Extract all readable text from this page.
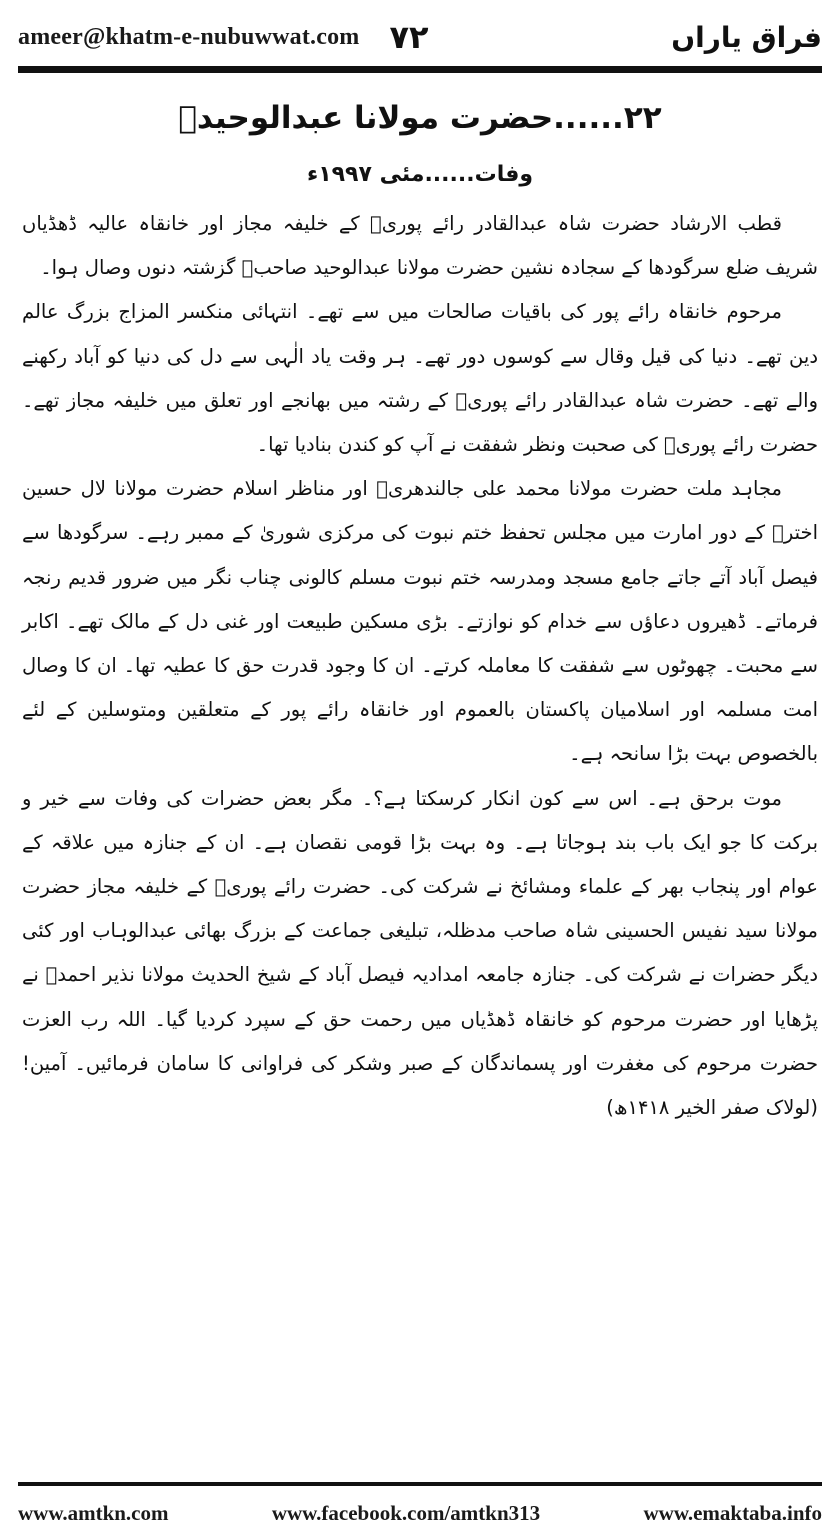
ameer@khatm-e-nubuwwat.com ۷۲	فراق یاراں
۲۲......حضرت مولانا عبدالوحیدؒ
وفات......مئی ۱۹۹۷ء

قطب الارشاد حضرت شاہ عبدالقادر رائے پوریؒ کے خلیفہ مجاز اور خانقاہ عالیہ ڈھڈیاں شریف ضلع سرگودھا کے سجادہ نشین حضرت مولانا عبدالوحید صاحبؒ گزشتہ دنوں وصال ہوا۔

مرحوم خانقاہ رائے پور کی باقیات صالحات میں سے تھے۔ انتہائی منکسر المزاج بزرگ عالم دین تھے۔ دنیا کی قیل وقال سے کوسوں دور تھے۔ ہر وقت یاد الٰہی سے دل کی دنیا کو آباد رکھنے والے تھے۔ حضرت شاہ عبدالقادر رائے پوریؒ کے رشتہ میں بھانجے اور تعلق میں خلیفہ مجاز تھے۔ حضرت رائے پوریؒ کی صحبت ونظر شفقت نے آپ کو کندن بنادیا تھا۔

مجاہد ملت حضرت مولانا محمد علی جالندھریؒ اور مناظر اسلام حضرت مولانا لال حسین اخترؒ کے دور امارت میں مجلس تحفظ ختم نبوت کی مرکزی شوریٰ کے ممبر رہے۔ سرگودھا سے فیصل آباد آتے جاتے جامع مسجد ومدرسہ ختم نبوت مسلم کالونی چناب نگر میں ضرور قدیم رنجہ فرماتے۔ ڈھیروں دعاؤں سے خدام کو نوازتے۔ بڑی مسکین طبیعت اور غنی دل کے مالک تھے۔ اکابر سے محبت۔ چھوٹوں سے شفقت کا معاملہ کرتے۔ ان کا وجود قدرت حق کا عطیہ تھا۔ ان کا وصال امت مسلمہ اور اسلامیان پاکستان بالعموم اور خانقاہ رائے پور کے متعلقین ومتوسلین کے لئے بالخصوص بہت بڑا سانحہ ہے۔

موت برحق ہے۔ اس سے کون انکار کرسکتا ہے؟۔ مگر بعض حضرات کی وفات سے خیر و برکت کا جو ایک باب بند ہوجاتا ہے۔ وہ بہت بڑا قومی نقصان ہے۔ ان کے جنازہ میں علاقہ کے عوام اور پنجاب بھر کے علماء ومشائخ نے شرکت کی۔ حضرت رائے پوریؒ کے خلیفہ مجاز حضرت مولانا سید نفیس الحسینی شاہ صاحب مدظلہ، تبلیغی جماعت کے بزرگ بھائی عبدالوہاب اور کئی دیگر حضرات نے شرکت کی۔ جنازہ جامعہ امدادیہ فیصل آباد کے شیخ الحدیث مولانا نذیر احمدؒ نے پڑھایا اور حضرت مرحوم کو خانقاہ ڈھڈیاں میں رحمت حق کے سپرد کردیا گیا۔ اللہ رب العزت حضرت مرحوم کی مغفرت اور پسماندگان کے صبر وشکر کی فراوانی کا سامان فرمائیں۔ آمین! (لولاک صفر الخیر ۱۴۱۸ھ)

www.amtkn.com	www.facebook.com/amtkn313	www.emaktaba.info
